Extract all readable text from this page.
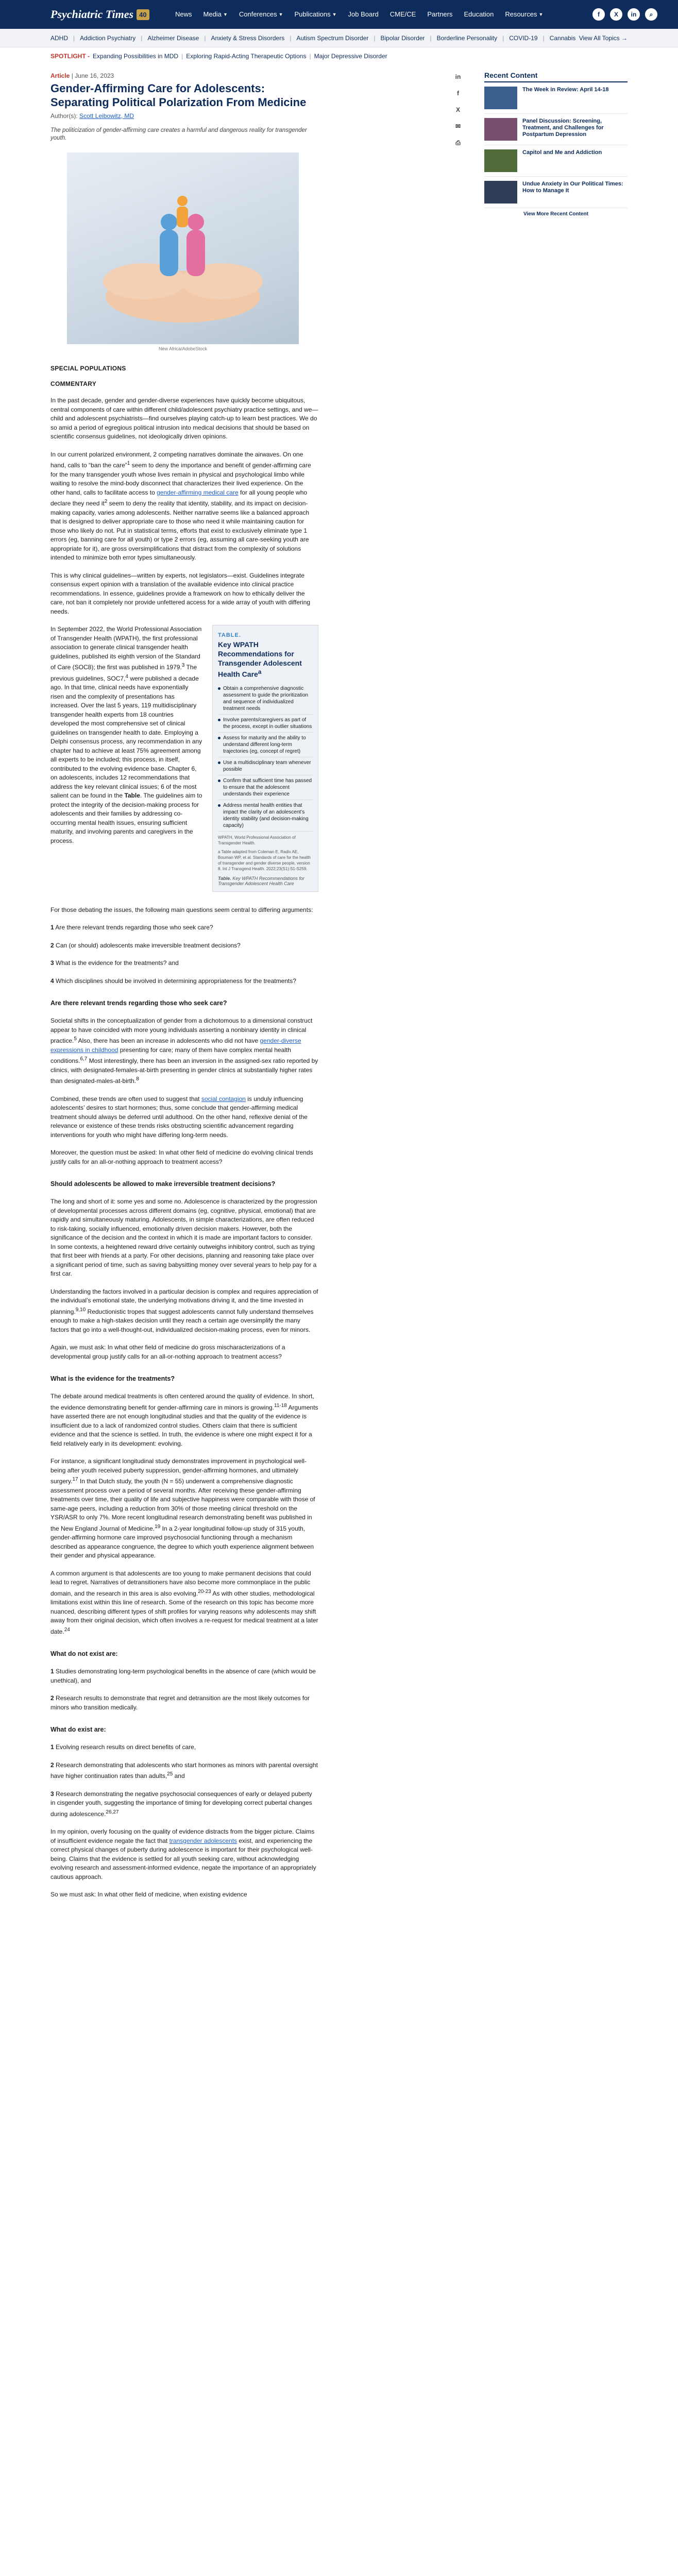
Psychiatric Times 40	News Media ▼ Conferences ▼ Publications ▼ Job Board CME/CE Partners Education Resources ▼	f	X	in	⌕
ADHD | Addiction Psychiatry | Alzheimer Disease | Anxiety & Stress Disorders | Autism Spectrum Disorder | Bipolar Disorder | Borderline Personality | COVID-19 | Cannabis View All Topics →
SPOTLIGHT - Expanding Possibilities in MDD | Exploring Rapid-Acting Therapeutic Options | Major Depressive Disorder
Article | June 16, 2023
Gender-Affirming Care for Adolescents: Separating Political Polarization From Medicine
Author(s): Scott Leibowitz, MD
The politicization of gender-affirming care creates a harmful and dangerous reality for transgender youth.
New Africa/AdobeStock
SPECIAL POPULATIONS
COMMENTARY

In the past decade, gender and gender-diverse experiences have quickly become ubiquitous, central components of care within different child/adolescent psychiatry practice settings, and we—child and adolescent psychiatrists—find ourselves playing catch-up to learn best practices. We do so amid a period of egregious political intrusion into medical decisions that should be based on scientific consensus guidelines, not ideologically driven opinions.

In our current polarized environment, 2 competing narratives dominate the airwaves. On one hand, calls to “ban the care”$^1$ seem to deny the importance and benefit of gender-affirming care for the many transgender youth whose lives remain in physical and psychological limbo while waiting to resolve the mind-body disconnect that characterizes their lived experience. On the other hand, calls to facilitate access to gender-affirming medical care for all young people who declare they need $it^2$ seem to deny the reality that identity, stability, and its impact on decision-making capacity, varies among adolescents. Neither narrative seems like a balanced approach that is designed to deliver appropriate care to those who need it while maintaining caution for those who likely do not. Put in statistical terms, efforts that exist to exclusively eliminate type 1 errors (eg, banning care for all youth) or type 2 errors (eg, assuming all care-seeking youth are appropriate for it), are gross oversimplifications that distract from the complexity of solutions intended to minimize both error types simultaneously.

This is why clinical guidelines—written by experts, not legislators—exist. Guidelines integrate consensus expert opinion with a translation of the available evidence into clinical practice recommendations. In essence, guidelines provide a framework on how to ethically deliver the care, not ban it completely nor provide unfettered access for a wide array of youth with differing needs.

TABLE.
Key WPATH Recommendations for Transgender Adolescent Health Care$^a$
Obtain a comprehensive diagnostic assessment to guide the prioritization and sequence of individualized treatment needs
Involve parents/caregivers as part of the process, except in outlier situations
Assess for maturity and the ability to understand different long-term trajectories (eg, concept of regret)
Use a multidisciplinary team whenever possible
Confirm that sufficient time has passed to ensure that the adolescent understands their experience
Address mental health entities that impact the clarity of an adolescent’s identity stability (and decision-making capacity)
WPATH, World Professional Association of Transgender Health.
a Table adapted from Coleman E, Radix AE, Bouman WP, et al. Standards of care for the health of transgender and gender diverse people, version 8. Int J Transgend Health. 2022;23(S1):S1-S259.
Table. Key WPATH Recommendations for Transgender Adolescent Health Care

In September 2022, the World Professional Association of Transgender Health (WPATH), the first professional association to generate clinical transgender health guidelines, published its eighth version of the Standard of Care (SOC8); the first was published in 1979.$^3$ The previous guidelines, SOC7,$^4$ were published a decade ago. In that time, clinical needs have exponentially risen and the complexity of presentations has increased. Over the last 5 years, 119 multidisciplinary transgender health experts from 18 countries developed the most comprehensive set of clinical guidelines on transgender health to date. Employing a Delphi consensus process, any recommendation in any chapter had to achieve at least 75% agreement among all experts to be included; this process, in itself, contributed to the evolving evidence base. Chapter 6, on adolescents, includes 12 recommendations that address the key relevant clinical issues; 6 of the most salient can be found in the Table. The guidelines aim to protect the integrity of the decision-making process for adolescents and their families by addressing co-occurring mental health issues, ensuring sufficient maturity, and involving parents and caregivers in the process.

For those debating the issues, the following main questions seem central to differing arguments:

1 Are there relevant trends regarding those who seek care?
2 Can (or should) adolescents make irreversible treatment decisions?
3 What is the evidence for the treatments? and
4 Which disciplines should be involved in determining appropriateness for the treatments?
Are there relevant trends regarding those who seek care?

Societal shifts in the conceptualization of gender from a dichotomous to a dimensional construct appear to have coincided with more young individuals asserting a nonbinary identity in clinical practice.$^5$ Also, there has been an increase in adolescents who did not have gender-diverse expressions in childhood presenting for care; many of them have complex mental health conditions.$^{6,7}$ Most interestingly, there has been an inversion in the assigned-sex ratio reported by clinics, with designated-females-at-birth presenting in gender clinics at substantially higher rates than designated-males-at-birth.$^8$

Combined, these trends are often used to suggest that social contagion is unduly influencing adolescents’ desires to start hormones; thus, some conclude that gender-affirming medical treatment should always be deferred until adulthood. On the other hand, reflexive denial of the relevance or existence of these trends risks obstructing scientific advancement regarding interventions for youth who might have differing long-term needs.

Moreover, the question must be asked: In what other field of medicine do evolving clinical trends justify calls for an all-or-nothing approach to treatment access?

Should adolescents be allowed to make irreversible treatment decisions?

The long and short of it: some yes and some no. Adolescence is characterized by the progression of developmental processes across different domains (eg, cognitive, physical, emotional) that are rapidly and simultaneously maturing. Adolescents, in simple characterizations, are often reduced to risk-taking, socially influenced, emotionally driven decision makers. However, both the significance of the decision and the context in which it is made are important factors to consider. In some contexts, a heightened reward drive certainly outweighs inhibitory control, such as trying that first beer with friends at a party. For other decisions, planning and reasoning take place over a significant period of time, such as saving babysitting money over several years to help pay for a first car.

Understanding the factors involved in a particular decision is complex and requires appreciation of the individual’s emotional state, the underlying motivations driving it, and the time invested in planning.$^{9,10}$ Reductionistic tropes that suggest adolescents cannot fully understand themselves enough to make a high-stakes decision until they reach a certain age oversimplify the many factors that go into a well-thought-out, individualized decision-making process, even for minors.

Again, we must ask: In what other field of medicine do gross mischaracterizations of a developmental group justify calls for an all-or-nothing approach to treatment access?

What is the evidence for the treatments?

The debate around medical treatments is often centered around the quality of evidence. In short, the evidence demonstrating benefit for gender-affirming care in minors is growing.$^{11-18}$ Arguments have asserted there are not enough longitudinal studies and that the quality of the evidence is insufficient due to a lack of randomized control studies. Others claim that there is sufficient evidence and that the science is settled. In truth, the evidence is where one might expect it for a field relatively early in its development: evolving.

For instance, a significant longitudinal study demonstrates improvement in psychological well-being after youth received puberty suppression, gender-affirming hormones, and ultimately surgery.$^{17}$ In that Dutch study, the youth (N = 55) underwent a comprehensive diagnostic assessment process over a period of several months. After receiving these gender-affirming treatments over time, their quality of life and subjective happiness were comparable with those of same-age peers, including a reduction from 30% of those meeting clinical threshold on the YSR/ASR to only 7%. More recent longitudinal research demonstrating benefit was published in the New England Journal of Medicine.$^{19}$ In a 2-year longitudinal follow-up study of 315 youth, gender-affirming hormone care improved psychosocial functioning through a mechanism described as appearance congruence, the degree to which youth experience alignment between their gender and physical appearance.

A common argument is that adolescents are too young to make permanent decisions that could lead to regret. Narratives of detransitioners have also become more commonplace in the public domain, and the research in this area is also evolving.$^{20-23}$ As with other studies, methodological limitations exist within this line of research. Some of the research on this topic has become more nuanced, describing different types of shift profiles for varying reasons why adolescents may shift away from their original decision, which often involves a re-request for medical treatment at a later date.$^{24}$

What do not exist are:
1 Studies demonstrating long-term psychological benefits in the absence of care (which would be unethical), and
2 Research results to demonstrate that regret and detransition are the most likely outcomes for minors who transition medically.
What do exist are:
1 Evolving research results on direct benefits of care,
2 Research demonstrating that adolescents who start hormones as minors with parental oversight have higher continuation rates than adults,$^{25}$ and
3 Research demonstrating the negative psychosocial consequences of early or delayed puberty in cisgender youth, suggesting the importance of timing for developing correct pubertal changes during adolescence.$^{26,27}$

In my opinion, overly focusing on the quality of evidence distracts from the bigger picture. Claims of insufficient evidence negate the fact that transgender adolescents exist, and experiencing the correct physical changes of puberty during adolescence is important for their psychological well-being. Claims that the evidence is settled for all youth seeking care, without acknowledging evolving research and assessment-informed evidence, negate the importance of an appropriately cautious approach.

So we must ask: In what other field of medicine, when existing evidence

in
f
X
✉
⎙
Recent Content
The Week in Review: April 14-18
Panel Discussion: Screening, Treatment, and Challenges for Postpartum Depression
Capitol and Me and Addiction
Undue Anxiety in Our Political Times: How to Manage It
View More Recent Content
